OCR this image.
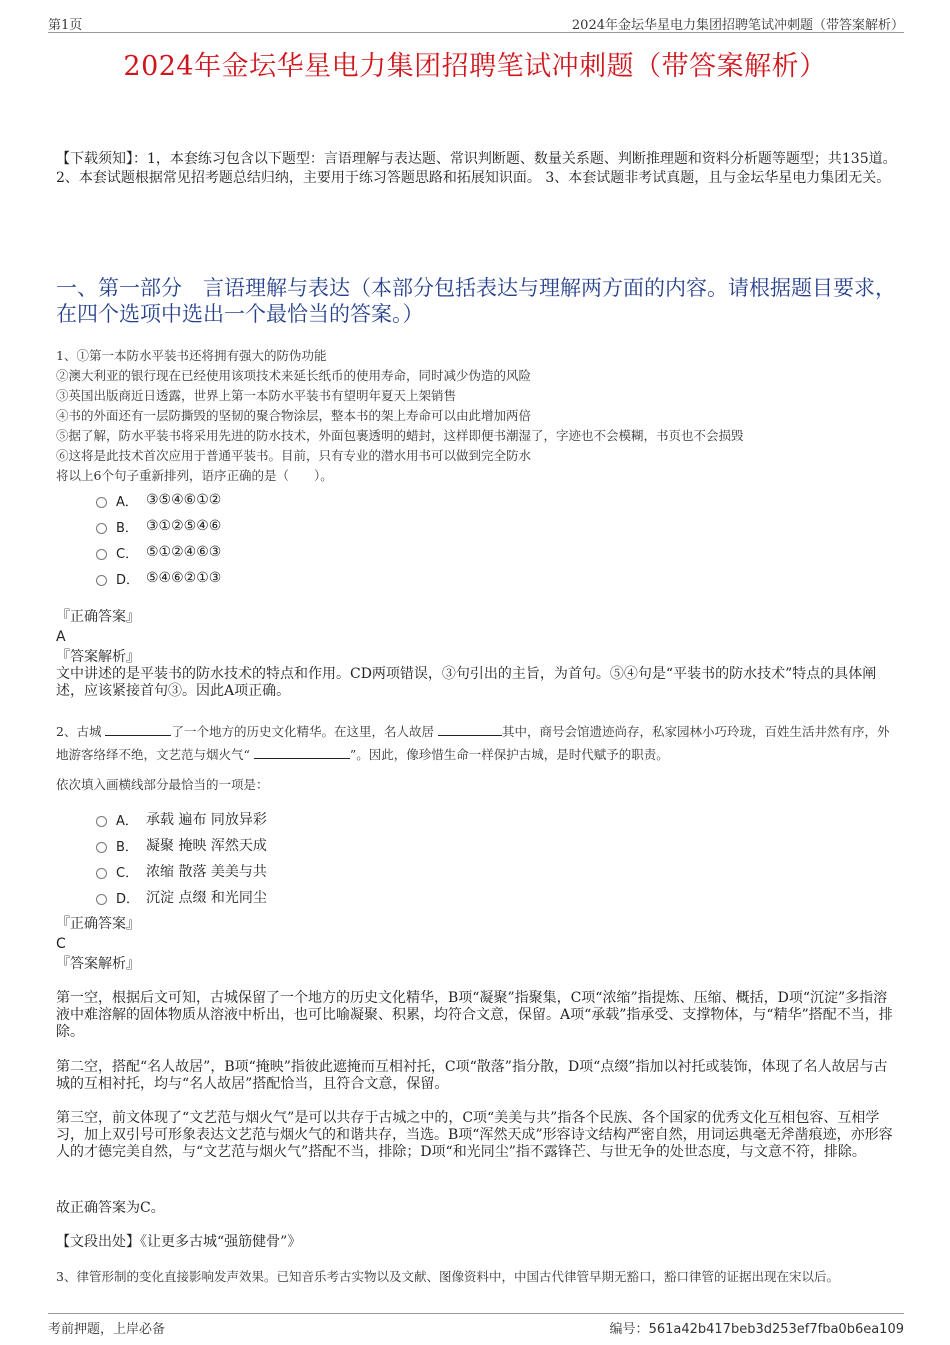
第1页	2024年金坛华星电力集团招聘笔试冲刺题（带答案解析）
2024年金坛华星电力集团招聘笔试冲刺题（带答案解析）
【下载须知】：1，本套练习包含以下题型：言语理解与表达题、常识判断题、数量关系题、判断推理题和资料分析题等题型；共135道。 2、本套试题根据常见招考题总结归纳，主要用于练习答题思路和拓展知识面。 3、本套试题非考试真题，且与金坛华星电力集团无关。
一、第一部分　言语理解与表达（本部分包括表达与理解两方面的内容。请根据题目要求，在四个选项中选出一个最恰当的答案。）
1、①第一本防水平装书还将拥有强大的防伪功能
②澳大利亚的银行现在已经使用该项技术来延长纸币的使用寿命，同时减少伪造的风险
③英国出版商近日透露，世界上第一本防水平装书有望明年夏天上架销售
④书的外面还有一层防撕毁的坚韧的聚合物涂层，整本书的架上寿命可以由此增加两倍
⑤据了解，防水平装书将采用先进的防水技术，外面包裹透明的蜡封，这样即便书潮湿了，字迹也不会模糊，书页也不会损毁
⑥这将是此技术首次应用于普通平装书。目前，只有专业的潜水用书可以做到完全防水
将以上6个句子重新排列，语序正确的是（　　）。
A． ③⑤④⑥①②
B． ③①②⑤④⑥
C． ⑤①②④⑥③
D． ⑤④⑥②①③
『正确答案』
A
『答案解析』
文中讲述的是平装书的防水技术的特点和作用。CD两项错误，③句引出的主旨，为首句。⑤④句是“平装书的防水技术”特点的具体阐述，应该紧接首句③。因此A项正确。
2、古城	了一个地方的历史文化精华。在这里，名人故居	其中，商号会馆遗迹尚存，私家园林小巧玲珑，百姓生活井然有序，外地游客络绎不绝，文艺范与烟火气“	”。因此，像珍惜生命一样保护古城，是时代赋予的职责。
依次填入画横线部分最恰当的一项是：
A． 承载 遍布 同放异彩
B． 凝聚 掩映 浑然天成
C． 浓缩 散落 美美与共
D． 沉淀 点缀 和光同尘
『正确答案』
C
『答案解析』
第一空，根据后文可知，古城保留了一个地方的历史文化精华，B项“凝聚”指聚集，C项“浓缩”指提炼、压缩、概括，D项“沉淀”多指溶液中难溶解的固体物质从溶液中析出，也可比喻凝聚、积累，均符合文意，保留。A项“承载”指承受、支撑物体，与“精华”搭配不当，排除。
第二空，搭配“名人故居”，B项“掩映”指彼此遮掩而互相衬托，C项“散落”指分散，D项“点缀”指加以衬托或装饰，体现了名人故居与古城的互相衬托，均与“名人故居”搭配恰当，且符合文意，保留。
第三空，前文体现了“文艺范与烟火气”是可以共存于古城之中的，C项“美美与共”指各个民族、各个国家的优秀文化互相包容、互相学习，加上双引号可形象表达文艺范与烟火气的和谐共存，当选。B项“浑然天成”形容诗文结构严密自然，用词运典毫无斧凿痕迹，亦形容人的才德完美自然，与“文艺范与烟火气”搭配不当，排除；D项“和光同尘”指不露锋芒、与世无争的处世态度，与文意不符，排除。
故正确答案为C。
【文段出处】《让更多古城“强筋健骨”》
3、律管形制的变化直接影响发声效果。已知音乐考古实物以及文献、图像资料中，中国古代律管早期无豁口，豁口律管的证据出现在宋以后。
考前押题，上岸必备	编号：561a42b417beb3d253ef7fba0b6ea109
